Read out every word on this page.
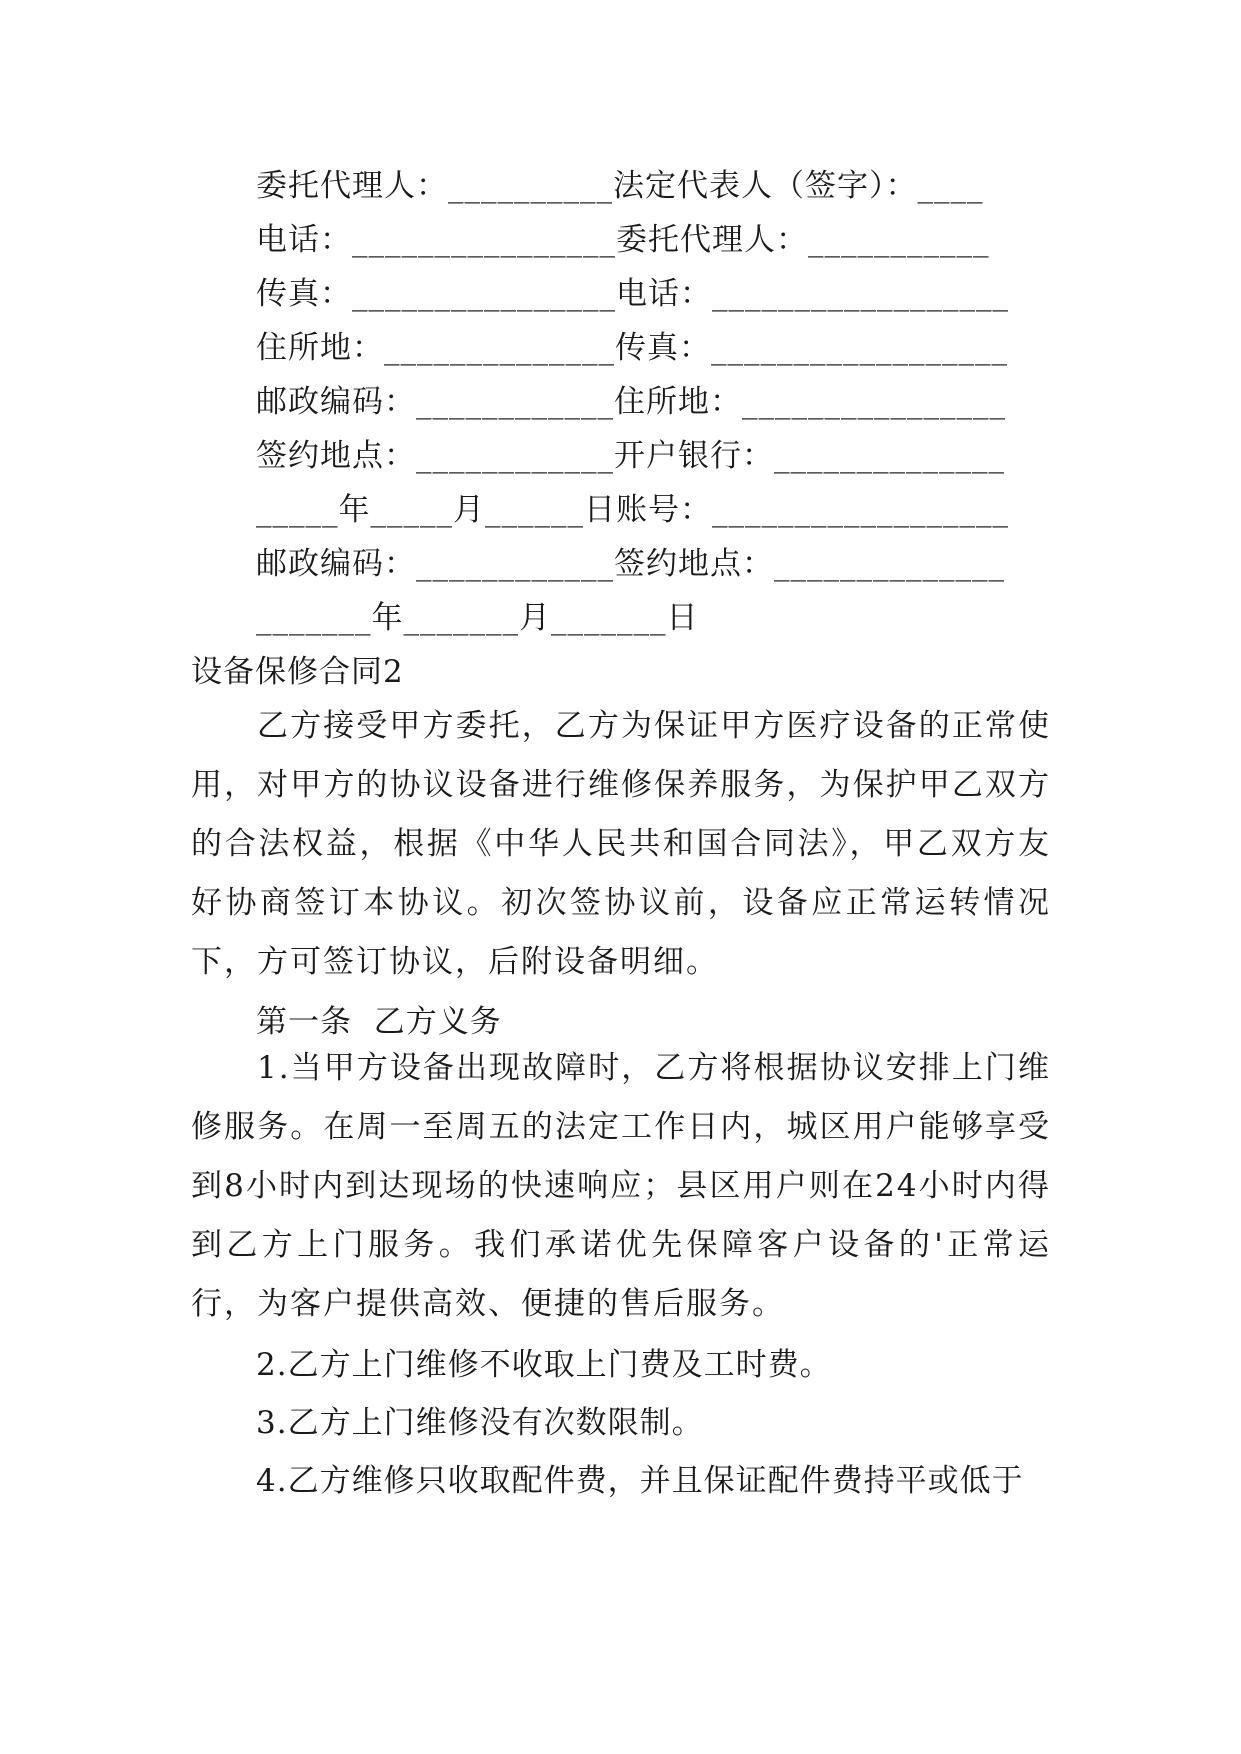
委托代理人：__________法定代表人（签字）：____
电话：________________委托代理人：___________
传真：________________电话：__________________
住所地：______________传真：__________________
邮政编码：____________住所地：________________
签约地点：____________开户银行：______________
_____年_____月______日账号：__________________
邮政编码：____________签约地点：______________
_______年_______月_______日
设备保修合同2

乙方接受甲方委托，乙方为保证甲方医疗设备的正常使用，对甲方的协议设备进行维修保养服务，为保护甲乙双方的合法权益，根据《中华人民共和国合同法》，甲乙双方友好协商签订本协议。初次签协议前，设备应正常运转情况下，方可签订协议，后附设备明细。

第一条  乙方义务

1.当甲方设备出现故障时，乙方将根据协议安排上门维修服务。在周一至周五的法定工作日内，城区用户能够享受到8小时内到达现场的快速响应；县区用户则在24小时内得到乙方上门服务。我们承诺优先保障客户设备的'正常运行，为客户提供高效、便捷的售后服务。

2.乙方上门维修不收取上门费及工时费。
3.乙方上门维修没有次数限制。
4.乙方维修只收取配件费，并且保证配件费持平或低于
